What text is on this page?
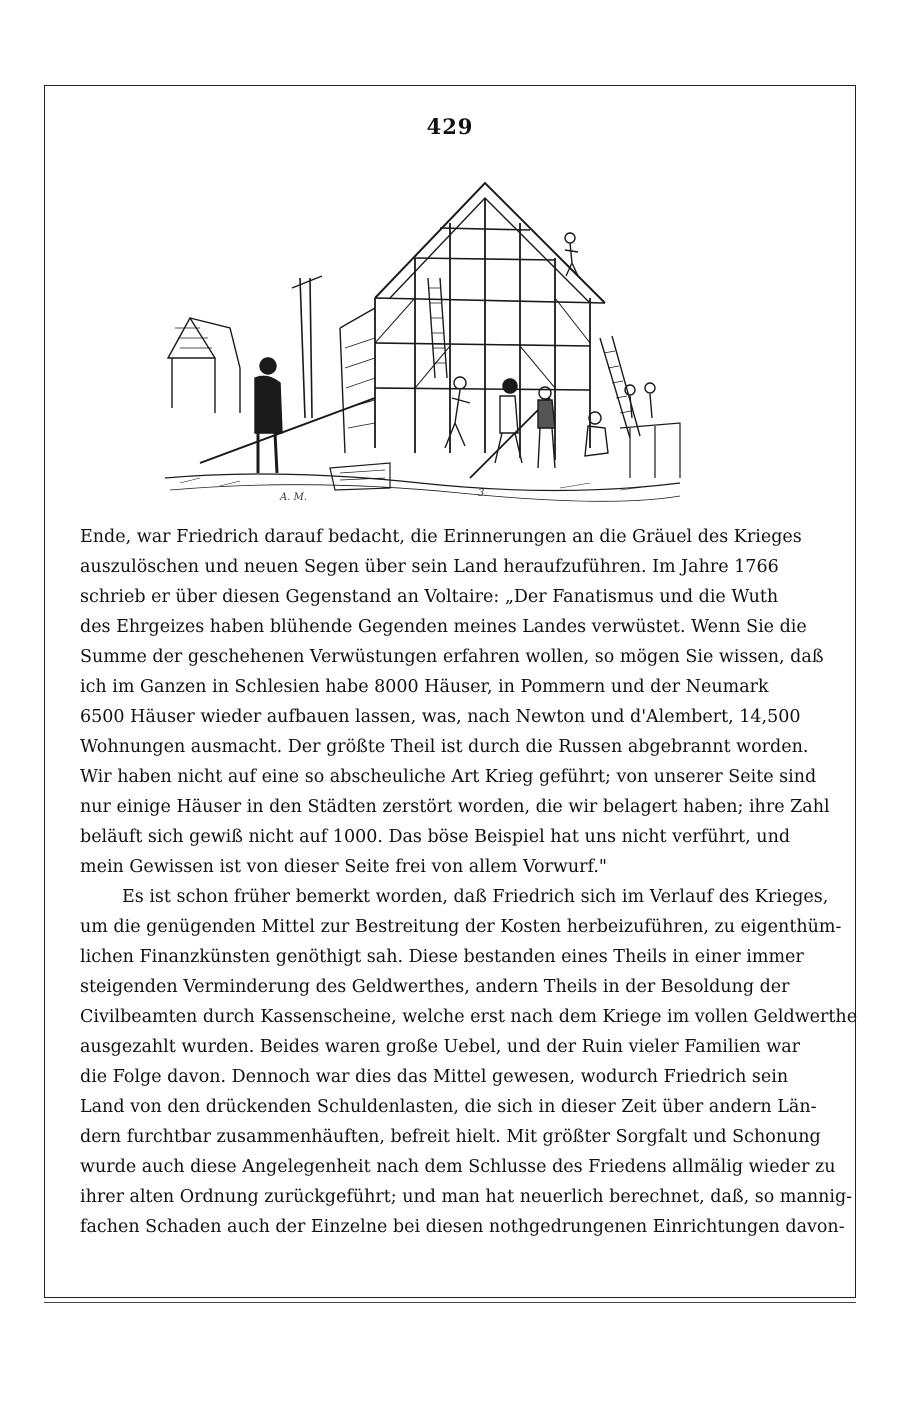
429
A. M.	3.
Ende, war Friedrich darauf bedacht, die Erinnerungen an die Gräuel des Krieges
auszulöschen und neuen Segen über sein Land heraufzuführen. Im Jahre 1766
schrieb er über diesen Gegenstand an Voltaire: „Der Fanatismus und die Wuth
des Ehrgeizes haben blühende Gegenden meines Landes verwüstet. Wenn Sie die
Summe der geschehenen Verwüstungen erfahren wollen, so mögen Sie wissen, daß
ich im Ganzen in Schlesien habe 8000 Häuser, in Pommern und der Neumark
6500 Häuser wieder aufbauen lassen, was, nach Newton und d'Alembert, 14,500
Wohnungen ausmacht. Der größte Theil ist durch die Russen abgebrannt worden.
Wir haben nicht auf eine so abscheuliche Art Krieg geführt; von unserer Seite sind
nur einige Häuser in den Städten zerstört worden, die wir belagert haben; ihre Zahl
beläuft sich gewiß nicht auf 1000. Das böse Beispiel hat uns nicht verführt, und
mein Gewissen ist von dieser Seite frei von allem Vorwurf."
Es ist schon früher bemerkt worden, daß Friedrich sich im Verlauf des Krieges,
um die genügenden Mittel zur Bestreitung der Kosten herbeizuführen, zu eigenthüm-
lichen Finanzkünsten genöthigt sah. Diese bestanden eines Theils in einer immer
steigenden Verminderung des Geldwerthes, andern Theils in der Besoldung der
Civilbeamten durch Kassenscheine, welche erst nach dem Kriege im vollen Geldwerthe
ausgezahlt wurden. Beides waren große Uebel, und der Ruin vieler Familien war
die Folge davon. Dennoch war dies das Mittel gewesen, wodurch Friedrich sein
Land von den drückenden Schuldenlasten, die sich in dieser Zeit über andern Län-
dern furchtbar zusammenhäuften, befreit hielt. Mit größter Sorgfalt und Schonung
wurde auch diese Angelegenheit nach dem Schlusse des Friedens allmälig wieder zu
ihrer alten Ordnung zurückgeführt; und man hat neuerlich berechnet, daß, so mannig-
fachen Schaden auch der Einzelne bei diesen nothgedrungenen Einrichtungen davon-
